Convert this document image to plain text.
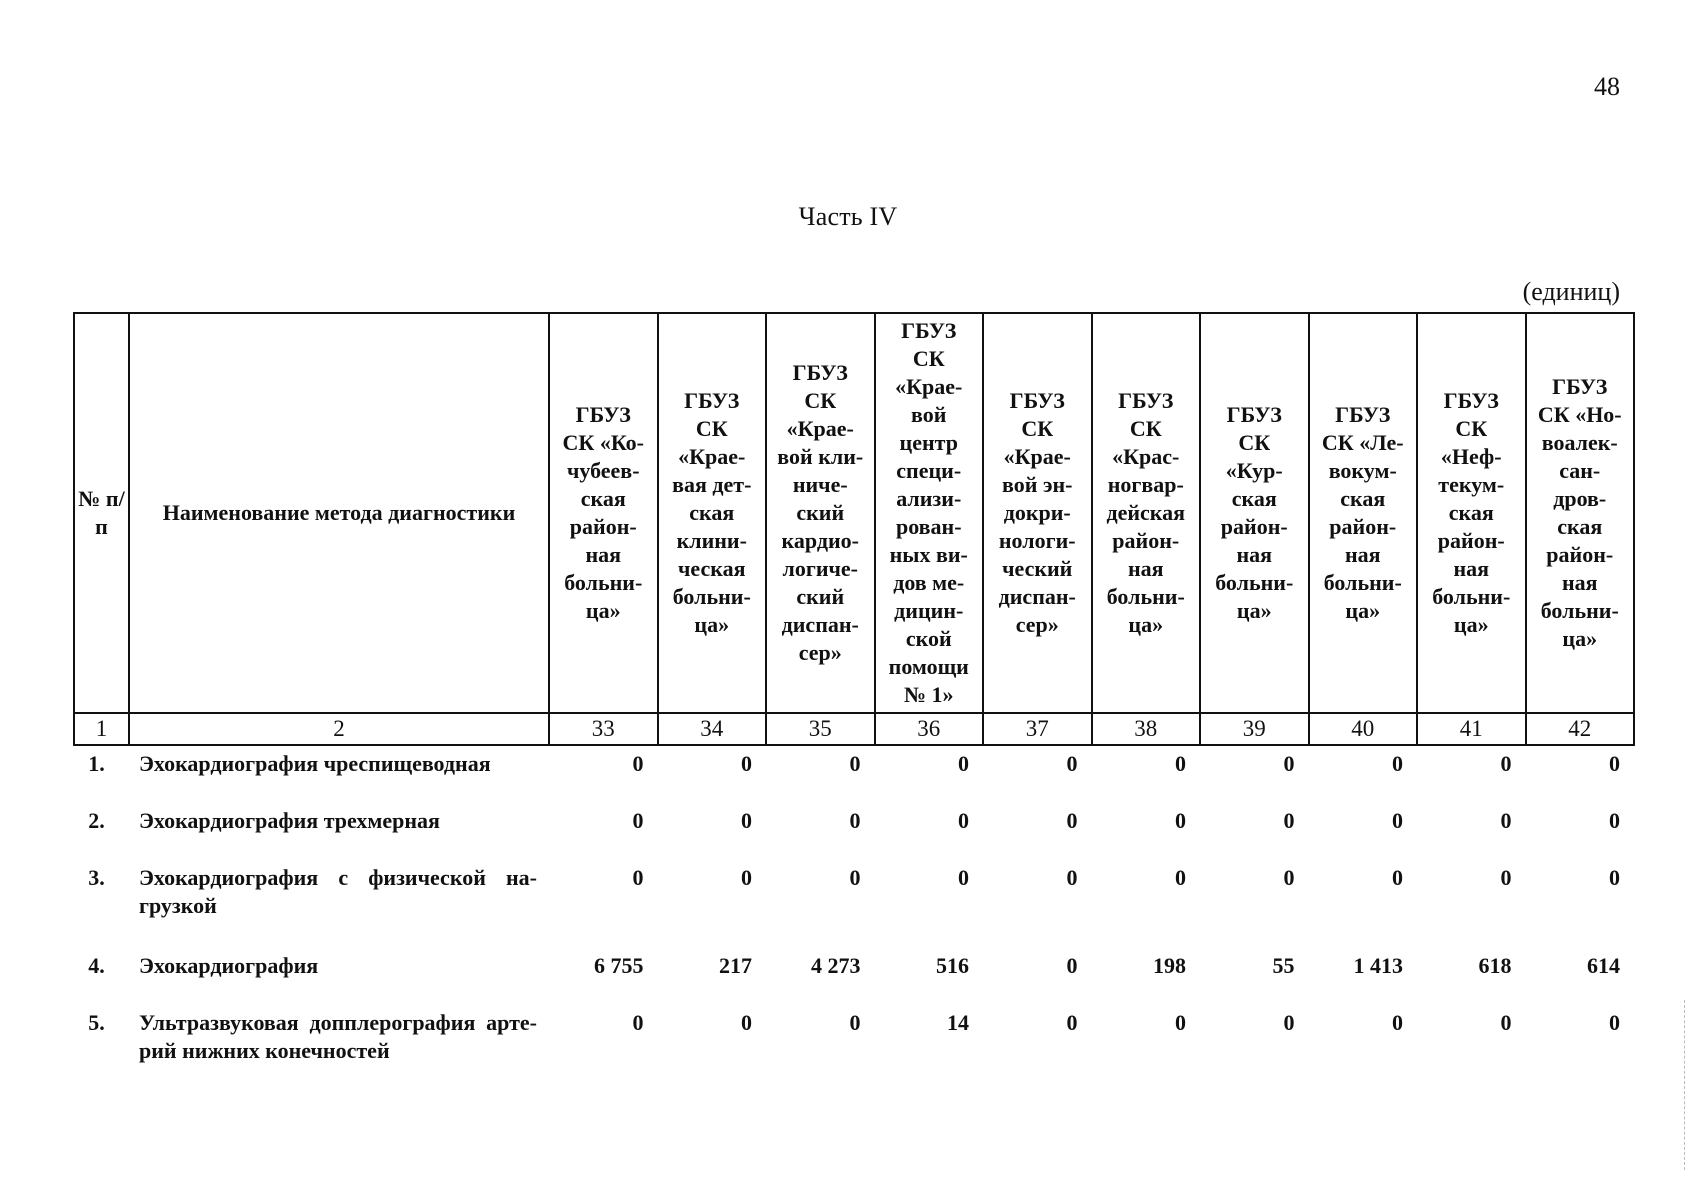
48
Часть IV
(единиц)
№ п/п	Наименование метода диагностики	ГБУЗ СК «Ко-чубеев-ская район-ная больни-ца»	ГБУЗ СК «Крае-вая дет-ская клини-ческая больни-ца»	ГБУЗ СК «Крае-вой кли-ниче-ский кардио-логиче-ский диспан-сер»	ГБУЗ СК «Крае-вой центр специ-ализи-рован-ных ви-дов ме-дицин-ской помощи № 1»	ГБУЗ СК «Крае-вой эн-докри-нологи-ческий диспан-сер»	ГБУЗ СК «Крас-ногвар-дейская район-ная больни-ца»	ГБУЗ СК «Кур-ская район-ная больни-ца»	ГБУЗ СК «Ле-вокум-ская район-ная больни-ца»	ГБУЗ СК «Неф-текум-ская район-ная больни-ца»	ГБУЗ СК «Но-воалек-сан-дров-ская район-ная больни-ца»

1	2	33	34	35	36	37	38	39	40	41	42
1.	Эхокардиография чреспищеводная	0	0	0	0	0	0	0	0	0	0
2.	Эхокардиография трехмерная	0	0	0	0	0	0	0	0	0	0
3.	Эхокардиография с физической на-грузкой	0	0	0	0	0	0	0	0	0	0
4.	Эхокардиография	6 755	217	4 273	516	0	198	55	1 413	618	614
5.	Ультразвуковая допплерография арте-рий нижних конечностей	0	0	0	14	0	0	0	0	0	0
